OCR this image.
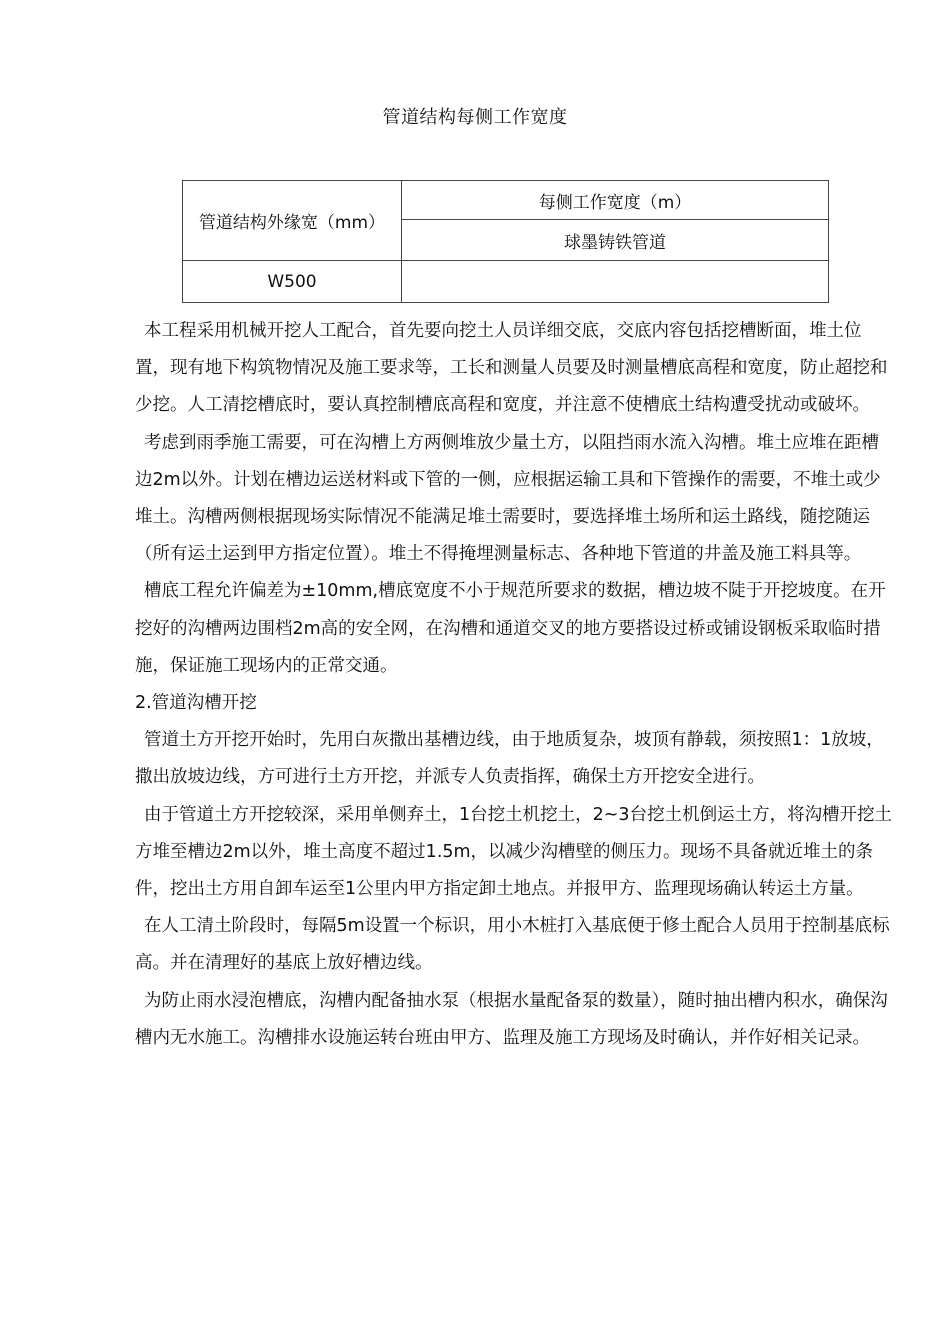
管道结构每侧工作宽度
管道结构外缘宽（mm）	每侧工作宽度（m）
	球墨铸铁管道
W500	

本工程采用机械开挖人工配合，首先要向挖土人员详细交底，交底内容包括挖槽断面，堆土位置，现有地下构筑物情况及施工要求等，工长和测量人员要及时测量槽底高程和宽度，防止超挖和少挖。人工清挖槽底时，要认真控制槽底高程和宽度，并注意不使槽底土结构遭受扰动或破坏。

考虑到雨季施工需要，可在沟槽上方两侧堆放少量土方，以阻挡雨水流入沟槽。堆土应堆在距槽边2m以外。计划在槽边运送材料或下管的一侧，应根据运输工具和下管操作的需要，不堆土或少堆土。沟槽两侧根据现场实际情况不能满足堆土需要时，要选择堆土场所和运土路线，随挖随运（所有运土运到甲方指定位置）。堆土不得掩埋测量标志、各种地下管道的井盖及施工料具等。

槽底工程允许偏差为±10mm,槽底宽度不小于规范所要求的数据，槽边坡不陡于开挖坡度。在开挖好的沟槽两边围档2m高的安全网，在沟槽和通道交叉的地方要搭设过桥或铺设钢板采取临时措施，保证施工现场内的正常交通。

2.管道沟槽开挖

管道土方开挖开始时，先用白灰撒出基槽边线，由于地质复杂，坡顶有静载，须按照1：1放坡，撒出放坡边线，方可进行土方开挖，并派专人负责指挥，确保土方开挖安全进行。

由于管道土方开挖较深，采用单侧弃土，1台挖土机挖土，2~3台挖土机倒运土方，将沟槽开挖土方堆至槽边2m以外，堆土高度不超过1.5m，以减少沟槽壁的侧压力。现场不具备就近堆土的条件，挖出土方用自卸车运至1公里内甲方指定卸土地点。并报甲方、监理现场确认转运土方量。

在人工清土阶段时，每隔5m设置一个标识，用小木桩打入基底便于修土配合人员用于控制基底标高。并在清理好的基底上放好槽边线。

为防止雨水浸泡槽底，沟槽内配备抽水泵（根据水量配备泵的数量），随时抽出槽内积水，确保沟槽内无水施工。沟槽排水设施运转台班由甲方、监理及施工方现场及时确认，并作好相关记录。
